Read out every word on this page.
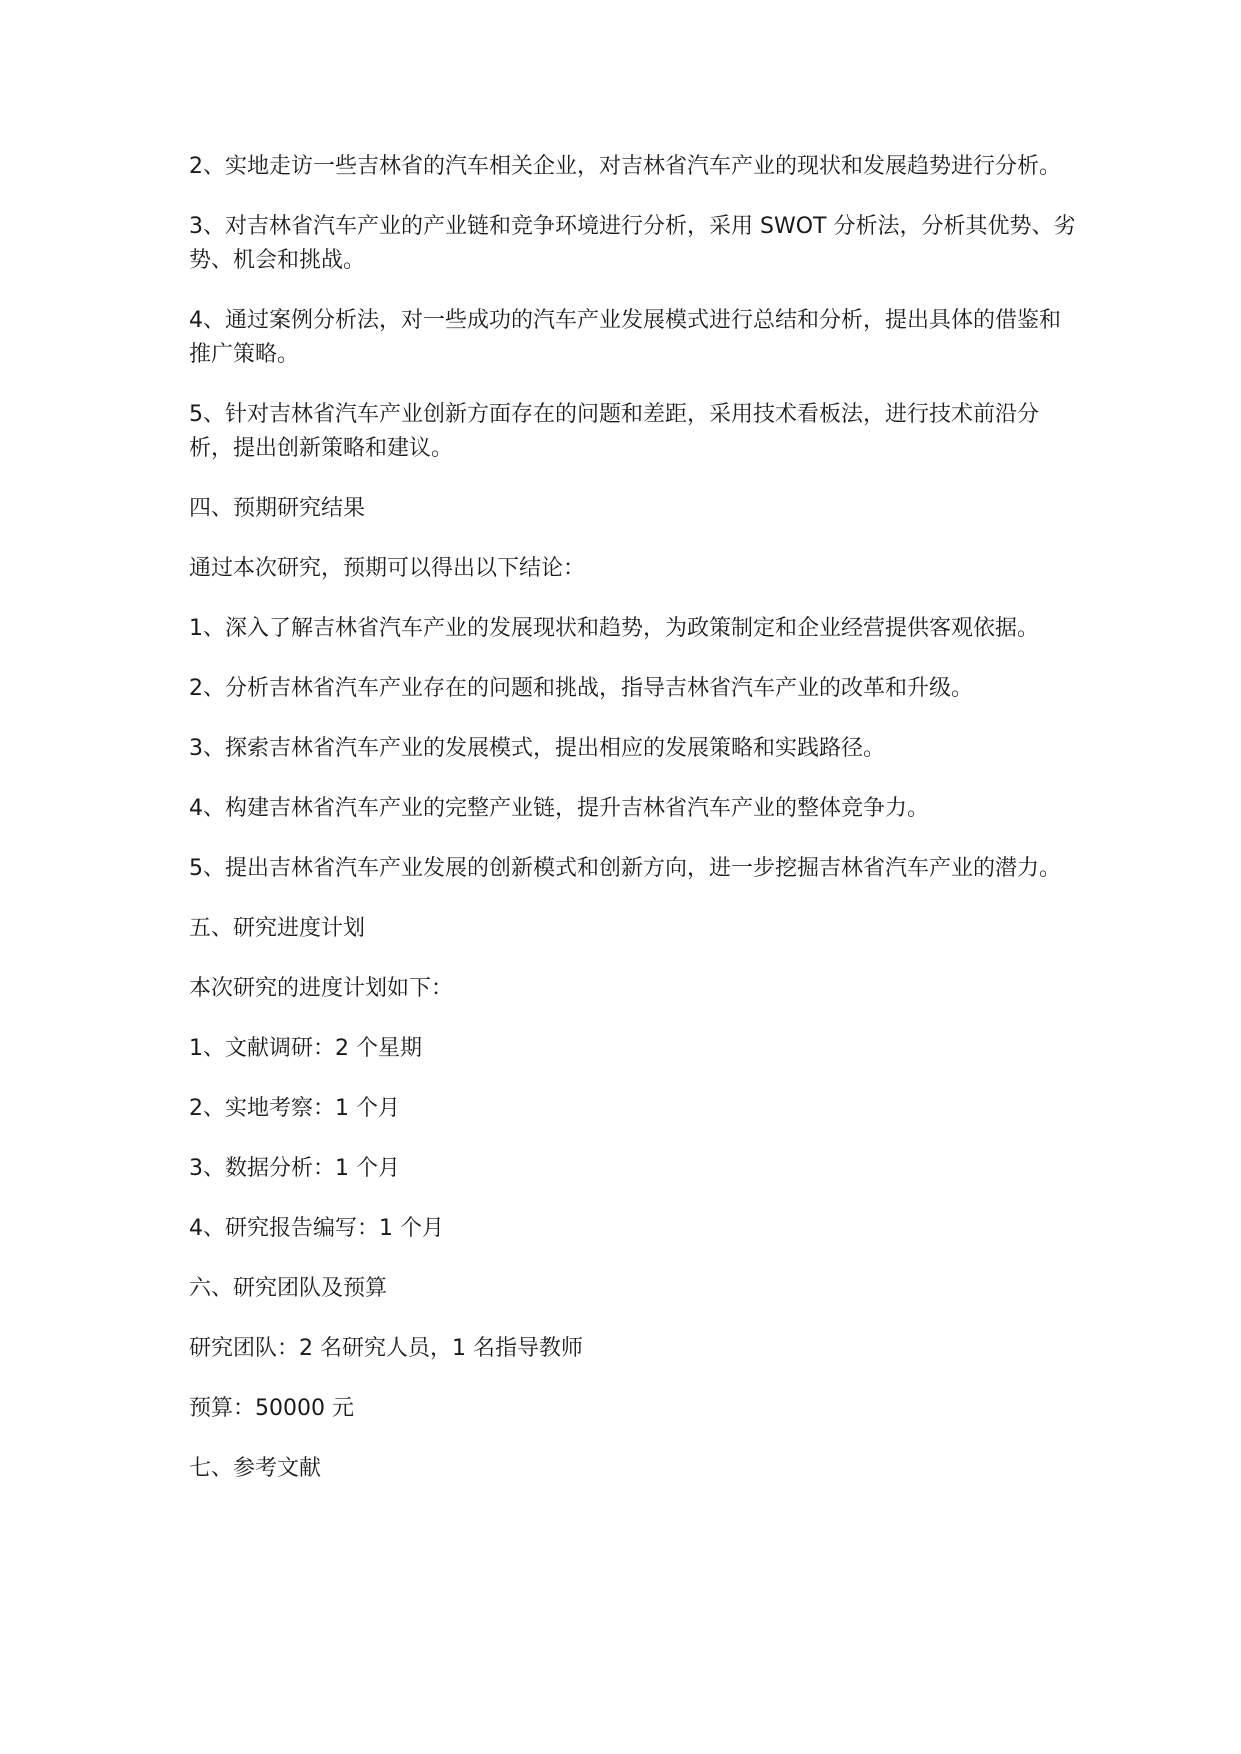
2、实地走访一些吉林省的汽车相关企业，对吉林省汽车产业的现状和发展趋势进行分析。

3、对吉林省汽车产业的产业链和竞争环境进行分析，采用 SWOT 分析法，分析其优势、劣势、机会和挑战。

4、通过案例分析法，对一些成功的汽车产业发展模式进行总结和分析，提出具体的借鉴和推广策略。

5、针对吉林省汽车产业创新方面存在的问题和差距，采用技术看板法，进行技术前沿分析，提出创新策略和建议。

四、预期研究结果

通过本次研究，预期可以得出以下结论：

1、深入了解吉林省汽车产业的发展现状和趋势，为政策制定和企业经营提供客观依据。

2、分析吉林省汽车产业存在的问题和挑战，指导吉林省汽车产业的改革和升级。

3、探索吉林省汽车产业的发展模式，提出相应的发展策略和实践路径。

4、构建吉林省汽车产业的完整产业链，提升吉林省汽车产业的整体竞争力。

5、提出吉林省汽车产业发展的创新模式和创新方向，进一步挖掘吉林省汽车产业的潜力。

五、研究进度计划

本次研究的进度计划如下：

1、文献调研：2 个星期

2、实地考察：1 个月

3、数据分析：1 个月

4、研究报告编写：1 个月

六、研究团队及预算

研究团队：2 名研究人员，1 名指导教师

预算：50000 元

七、参考文献
